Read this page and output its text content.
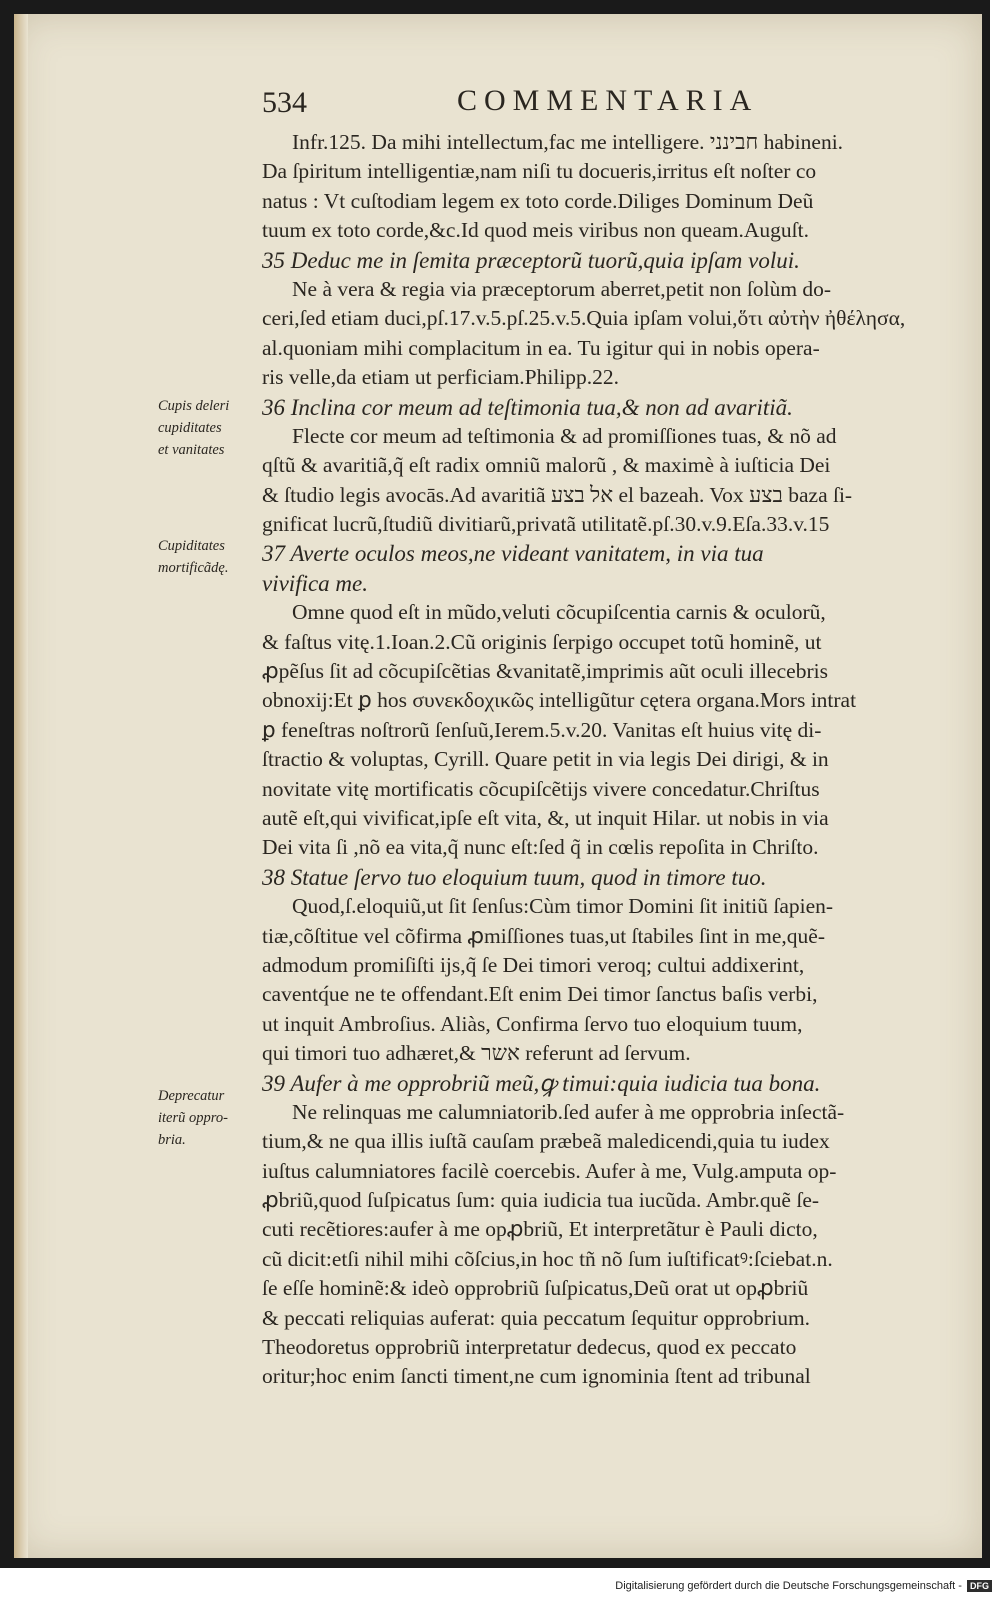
534	COMMENTARIA
Infr.125. Da mihi intellectum,fac me intelligere. חבינני habineni.
Da ſpiritum intelligentiæ,nam niſi tu docueris,irritus eſt noſter co
natus : Vt cuſtodiam legem ex toto corde.Diliges Dominum Deũ
tuum ex toto corde,&c.Id quod meis viribus non queam.Auguſt.
35 Deduc me in ſemita præceptorũ tuorũ,quia ipſam volui.
Ne à vera & regia via præceptorum aberret,petit non ſolùm do-
ceri,ſed etiam duci,pſ.17.v.5.pſ.25.v.5.Quia ipſam volui,ὅτι αὐτὴν ἠθέλησα,
al.quoniam mihi complacitum in ea. Tu igitur qui in nobis opera-
ris velle,da etiam ut perficiam.Philipp.22.
36 Inclina cor meum ad teſtimonia tua,& non ad avaritiã.
Flecte cor meum ad teſtimonia & ad promiſſiones tuas, & nõ ad
qſtũ & avaritiã,q̃ eſt radix omniũ malorũ , & maximè à iuſticia Dei
& ſtudio legis avocās.Ad avaritiã אל בצע el bazeah. Vox בצע baza ſi-
gnificat lucrũ,ſtudiũ divitiarũ,privatã utilitatẽ.pſ.30.v.9.Eſa.33.v.15
37 Averte oculos meos,ne videant vanitatem, in via tua
vivifica me.
Omne quod eſt in mũdo,veluti cõcupiſcentia carnis & oculorũ,
& faſtus vitę.1.Ioan.2.Cũ originis ſerpigo occupet totũ hominẽ, ut
ꝓpẽſus ſit ad cõcupiſcẽtias &vanitatẽ,imprimis aũt oculi illecebris
obnoxij:Et ꝑ hos συνεκδοχικῶς intelligũtur cętera organa.Mors intrat
ꝑ feneſtras noſtrorũ ſenſuũ,Ierem.5.v.20. Vanitas eſt huius vitę di-
ſtractio & voluptas, Cyrill. Quare petit in via legis Dei dirigi, & in
novitate vitę mortificatis cõcupiſcẽtijs vivere concedatur.Chriſtus
autẽ eſt,qui vivificat,ipſe eſt vita, &, ut inquit Hilar. ut nobis in via
Dei vita ſi ,nõ ea vita,q̃ nunc eſt:ſed q̃ in cœlis repoſita in Chriſto.
38 Statue ſervo tuo eloquium tuum, quod in timore tuo.
Quod,ſ.eloquiũ,ut ſit ſenſus:Cùm timor Domini ſit initiũ ſapien-
tiæ,cõſtitue vel cõfirma ꝓmiſſiones tuas,ut ſtabiles ſint in me,quẽ-
admodum promiſiſti ijs,q̃ ſe Dei timori veroq; cultui addixerint,
caventq́ue ne te offendant.Eſt enim Dei timor ſanctus baſis verbi,
ut inquit Ambroſius. Aliàs, Confirma ſervo tuo eloquium tuum,
qui timori tuo adhæret,& אשר referunt ad ſervum.
39 Aufer à me opprobriũ meũ,ꝙ timui:quia iudicia tua bona.
Ne relinquas me calumniatorib.ſed aufer à me opprobria inſectã-
tium,& ne qua illis iuſtã cauſam præbeã maledicendi,quia tu iudex
iuſtus calumniatores facilè coercebis. Aufer à me, Vulg.amputa op-
ꝓbriũ,quod ſuſpicatus ſum: quia iudicia tua iucũda. Ambr.quẽ ſe-
cuti recẽtiores:aufer à me opꝓbriũ, Et interpretãtur è Pauli dicto,
cũ dicit:etſi nihil mihi cõſcius,in hoc tñ nõ ſum iuſtificatꝰ:ſciebat.n.
ſe eſſe hominẽ:& ideò opprobriũ ſuſpicatus,Deũ orat ut opꝓbriũ
& peccati reliquias auferat: quia peccatum ſequitur opprobrium.
Theodoretus opprobriũ interpretatur dedecus, quod ex peccato
oritur;hoc enim ſancti timent,ne cum ignominia ſtent ad tribunal
Cupis deleri
cupiditates
et vanitates
Cupiditates
mortificãdę.
Deprecatur
iterũ oppro-
bria.
Digitalisierung gefördert durch die Deutsche Forschungsgemeinschaft - DFG
